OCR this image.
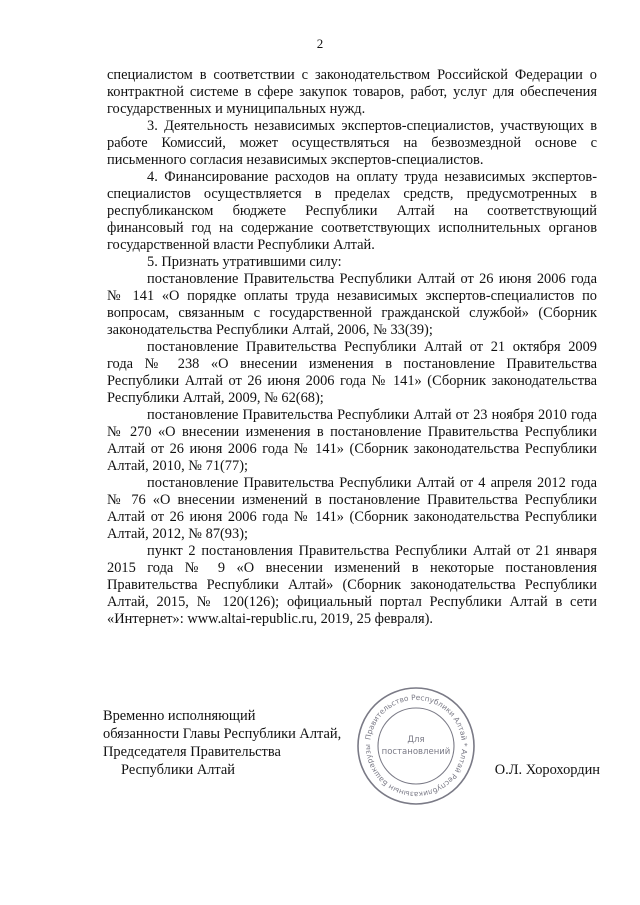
2

специалистом в соответствии с законодательством Российской Федерации о контрактной системе в сфере закупок товаров, работ, услуг для обеспечения государственных и муниципальных нужд.

3. Деятельность независимых экспертов-специалистов, участвующих в работе Комиссий, может осуществляться на безвозмездной основе с письменного согласия независимых экспертов-специалистов.

4. Финансирование расходов на оплату труда независимых экспертов-специалистов осуществляется в пределах средств, предусмотренных в республиканском бюджете Республики Алтай на соответствующий финансовый год на содержание соответствующих исполнительных органов государственной власти Республики Алтай.

5. Признать утратившими силу:

постановление Правительства Республики Алтай от 26 июня 2006 года № 141 «О порядке оплаты труда независимых экспертов-специалистов по вопросам, связанным с государственной гражданской службой» (Сборник законодательства Республики Алтай, 2006, № 33(39);

постановление Правительства Республики Алтай от 21 октября 2009 года № 238 «О внесении изменения в постановление Правительства Республики Алтай от 26 июня 2006 года № 141» (Сборник законодательства Республики Алтай, 2009, № 62(68);

постановление Правительства Республики Алтай от 23 ноября 2010 года № 270 «О внесении изменения в постановление Правительства Республики Алтай от 26 июня 2006 года № 141» (Сборник законодательства Республики Алтай, 2010, № 71(77);

постановление Правительства Республики Алтай от 4 апреля 2012 года № 76 «О внесении изменений в постановление Правительства Республики Алтай от 26 июня 2006 года № 141» (Сборник законодательства Республики Алтай, 2012, № 87(93);

пункт 2 постановления Правительства Республики Алтай от 21 января 2015 года № 9 «О внесении изменений в некоторые постановления Правительства Республики Алтай» (Сборник законодательства Республики Алтай, 2015, № 120(126); официальный портал Республики Алтай в сети «Интернет»: www.altai-republic.ru, 2019, 25 февраля).

Временно исполняющий
обязанности Главы Республики Алтай,
Председателя Правительства
Республики Алтай	О.Л. Хорохордин
Правительство Республики Алтай * Алтай Республиказынын Башкарузы
Для
постановлений
